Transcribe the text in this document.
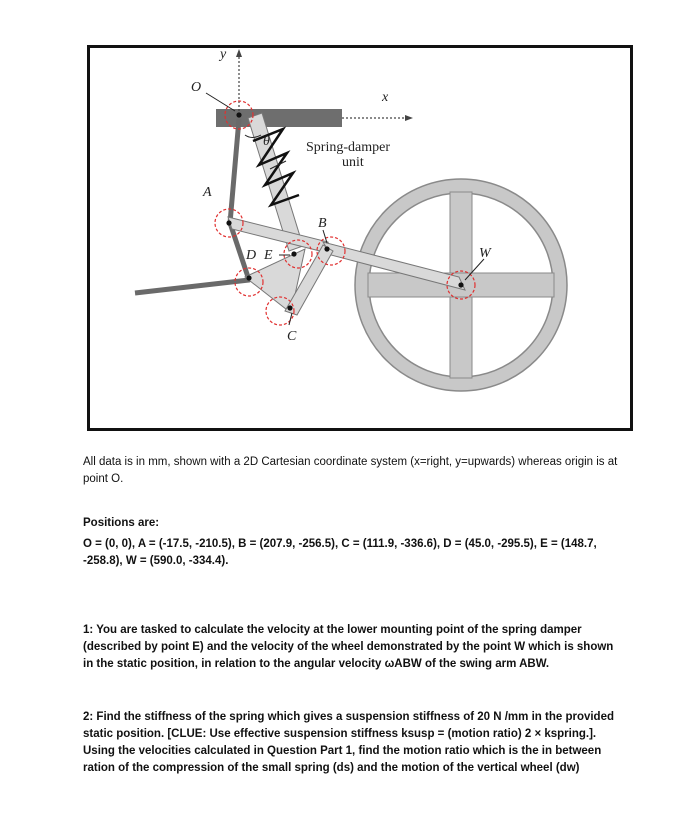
y
x
O
θ
A
B
D E
C
W
Spring-damper
unit
All data is in mm, shown with a 2D Cartesian coordinate system (x=right, y=upwards) whereas origin is at point O.
Positions are:
O = (0, 0), A = (-17.5, -210.5), B = (207.9, -256.5), C = (111.9, -336.6), D = (45.0, -295.5), E = (148.7, -258.8), W = (590.0, -334.4).
1: You are tasked to calculate the velocity at the lower mounting point of the spring damper (described by point E) and the velocity of the wheel demonstrated by the point W which is shown in the static position, in relation to the angular velocity ωABW of the swing arm ABW.
2: Find the stiffness of the spring which gives a suspension stiffness of 20 N /mm in the provided static position. [CLUE: Use effective suspension stiffness ksusp = (motion ratio) 2 × kspring.]. Using the velocities calculated in Question Part 1, find the motion ratio which is the in between ration of the compression of the small spring (ds) and the motion of the vertical wheel (dw)
